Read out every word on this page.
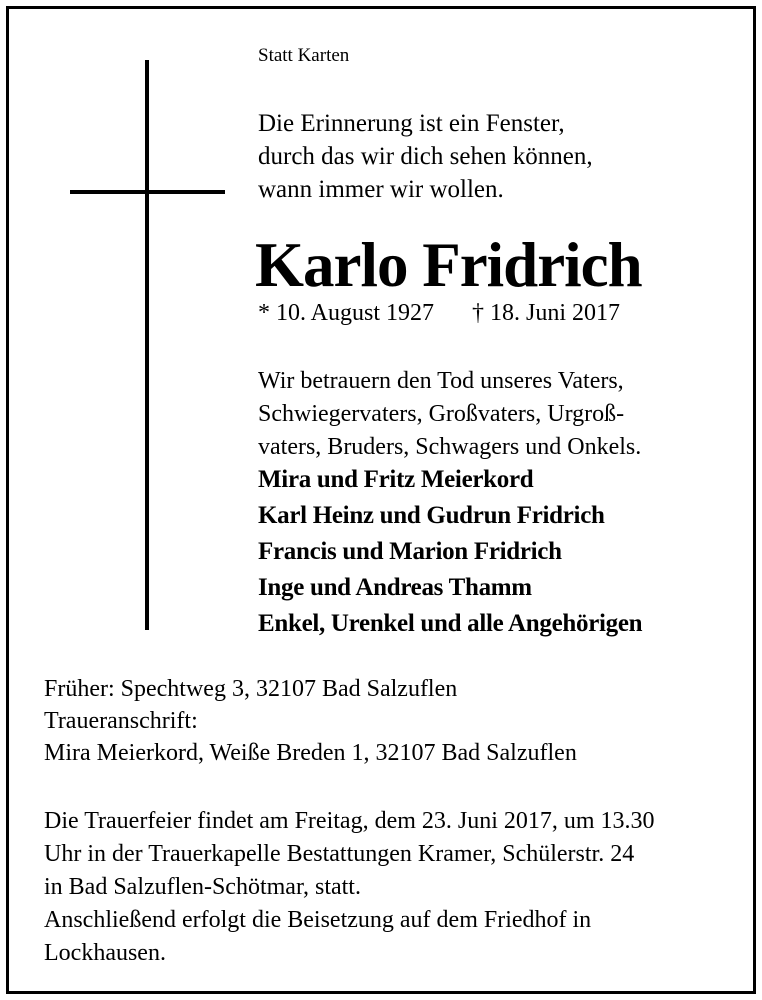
Statt Karten

Die Erinnerung ist ein Fenster,
durch das wir dich sehen können,
wann immer wir wollen.

Karlo Fridrich

* 10. August 1927 † 18. Juni 2017

Wir betrauern den Tod unseres Vaters,
Schwiegervaters, Großvaters, Urgroß-
vaters, Bruders, Schwagers und Onkels.

Mira und Fritz Meierkord
Karl Heinz und Gudrun Fridrich
Francis und Marion Fridrich
Inge und Andreas Thamm
Enkel, Urenkel und alle Angehörigen

Früher: Spechtweg 3, 32107 Bad Salzuflen
Traueranschrift:
Mira Meierkord, Weiße Breden 1, 32107 Bad Salzuflen

Die Trauerfeier findet am Freitag, dem 23. Juni 2017, um 13.30
Uhr in der Trauerkapelle Bestattungen Kramer, Schülerstr. 24
in Bad Salzuflen-Schötmar, statt.
Anschließend erfolgt die Beisetzung auf dem Friedhof in
Lockhausen.
